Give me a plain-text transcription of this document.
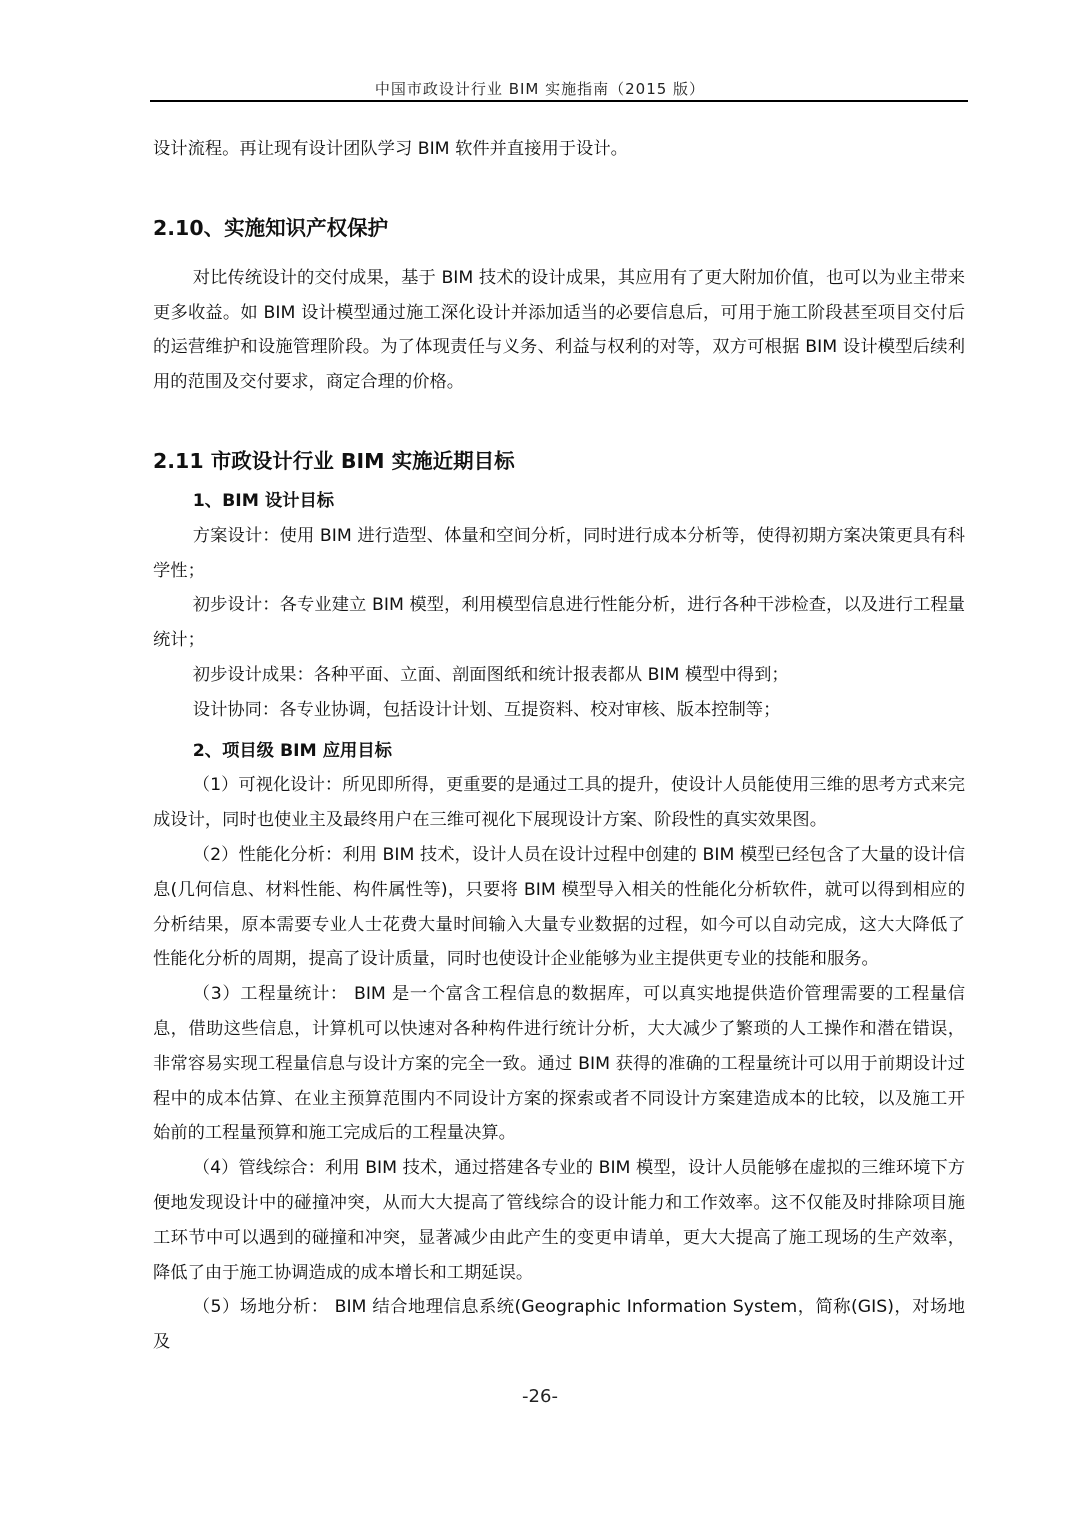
中国市政设计行业 BIM 实施指南（2015 版）

设计流程。再让现有设计团队学习 BIM 软件并直接用于设计。

2.10、实施知识产权保护

对比传统设计的交付成果，基于 BIM 技术的设计成果，其应用有了更大附加价值，也可以为业主带来更多收益。如 BIM 设计模型通过施工深化设计并添加适当的必要信息后，可用于施工阶段甚至项目交付后的运营维护和设施管理阶段。为了体现责任与义务、利益与权利的对等，双方可根据 BIM 设计模型后续利用的范围及交付要求，商定合理的价格。

2.11 市政设计行业 BIM 实施近期目标
1、BIM 设计目标

方案设计：使用 BIM 进行造型、体量和空间分析，同时进行成本分析等，使得初期方案决策更具有科学性；

初步设计：各专业建立 BIM 模型，利用模型信息进行性能分析，进行各种干涉检查，以及进行工程量统计；

初步设计成果：各种平面、立面、剖面图纸和统计报表都从 BIM 模型中得到；

设计协同：各专业协调，包括设计计划、互提资料、校对审核、版本控制等；

2、项目级 BIM 应用目标

（1）可视化设计：所见即所得，更重要的是通过工具的提升，使设计人员能使用三维的思考方式来完成设计，同时也使业主及最终用户在三维可视化下展现设计方案、阶段性的真实效果图。

（2）性能化分析：利用 BIM 技术，设计人员在设计过程中创建的 BIM 模型已经包含了大量的设计信息(几何信息、材料性能、构件属性等)，只要将 BIM 模型导入相关的性能化分析软件，就可以得到相应的分析结果，原本需要专业人士花费大量时间输入大量专业数据的过程，如今可以自动完成，这大大降低了性能化分析的周期，提高了设计质量，同时也使设计企业能够为业主提供更专业的技能和服务。

（3）工程量统计： BIM 是一个富含工程信息的数据库，可以真实地提供造价管理需要的工程量信息，借助这些信息，计算机可以快速对各种构件进行统计分析，大大减少了繁琐的人工操作和潜在错误，非常容易实现工程量信息与设计方案的完全一致。通过 BIM 获得的准确的工程量统计可以用于前期设计过程中的成本估算、在业主预算范围内不同设计方案的探索或者不同设计方案建造成本的比较，以及施工开始前的工程量预算和施工完成后的工程量决算。

（4）管线综合：利用 BIM 技术，通过搭建各专业的 BIM 模型，设计人员能够在虚拟的三维环境下方便地发现设计中的碰撞冲突，从而大大提高了管线综合的设计能力和工作效率。这不仅能及时排除项目施工环节中可以遇到的碰撞和冲突，显著减少由此产生的变更申请单，更大大提高了施工现场的生产效率，降低了由于施工协调造成的成本增长和工期延误。

（5）场地分析： BIM 结合地理信息系统(Geographic Information System，简称(GIS)，对场地及

-26-
